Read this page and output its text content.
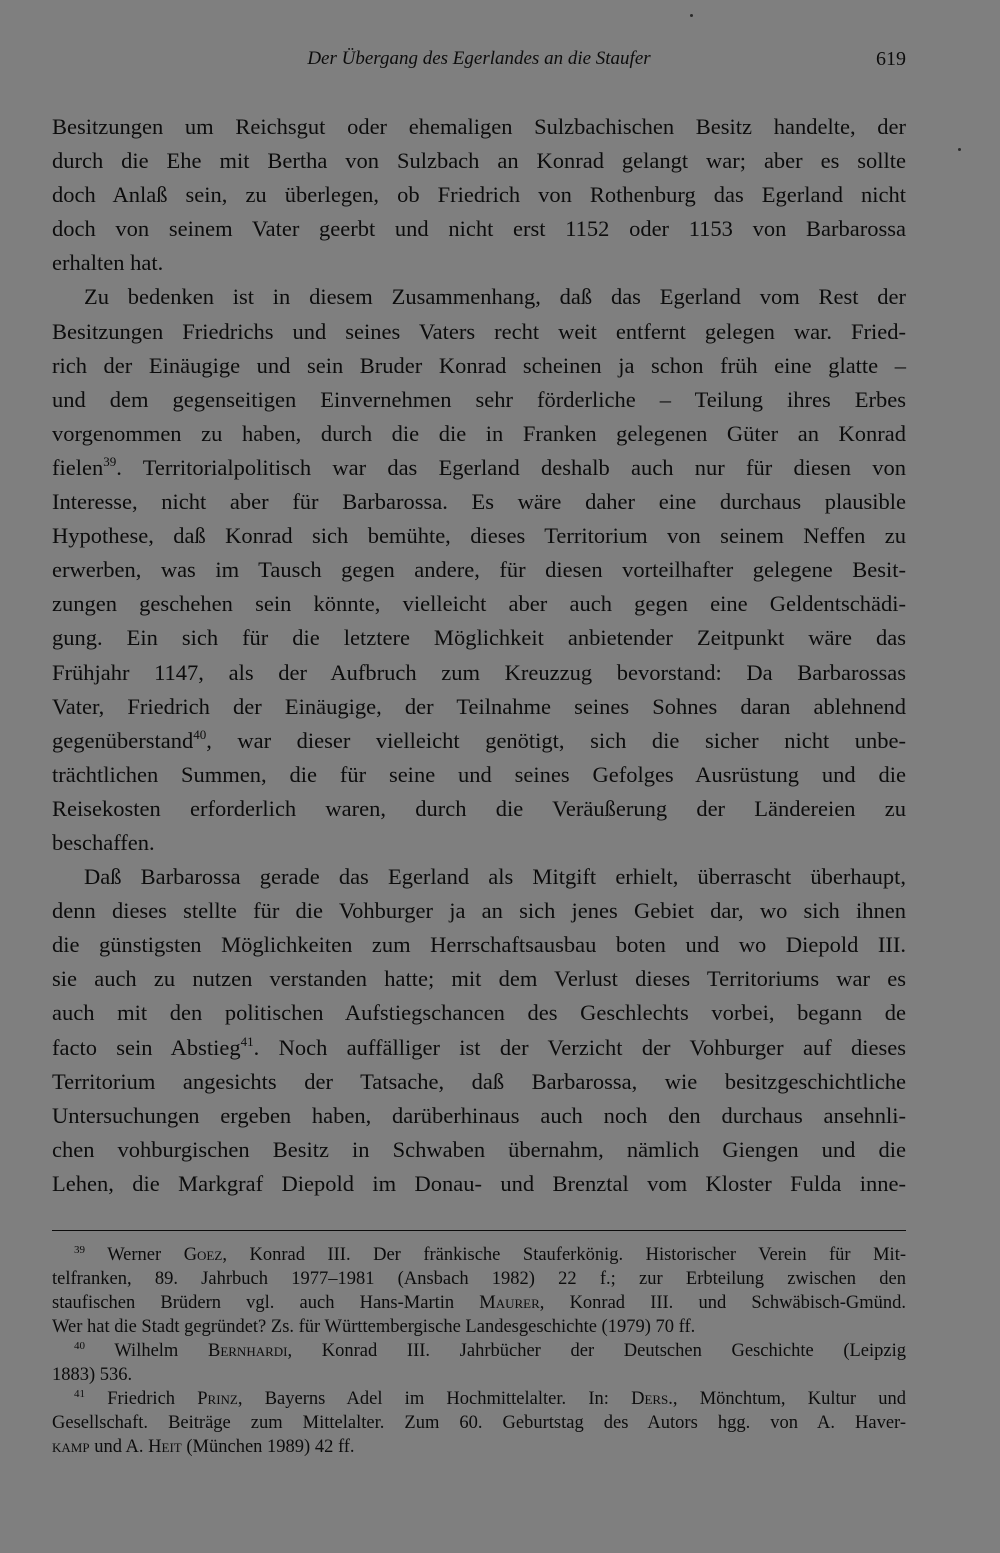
Der Übergang des Egerlandes an die Staufer	619
Besitzungen um Reichsgut oder ehemaligen Sulzbachischen Besitz handelte, der
durch die Ehe mit Bertha von Sulzbach an Konrad gelangt war; aber es sollte
doch Anlaß sein, zu überlegen, ob Friedrich von Rothenburg das Egerland nicht
doch von seinem Vater geerbt und nicht erst 1152 oder 1153 von Barbarossa
erhalten hat.
Zu bedenken ist in diesem Zusammenhang, daß das Egerland vom Rest der
Besitzungen Friedrichs und seines Vaters recht weit entfernt gelegen war. Fried-
rich der Einäugige und sein Bruder Konrad scheinen ja schon früh eine glatte –
und dem gegenseitigen Einvernehmen sehr förderliche – Teilung ihres Erbes
vorgenommen zu haben, durch die die in Franken gelegenen Güter an Konrad
fielen$^{39}$. Territorialpolitisch war das Egerland deshalb auch nur für diesen von
Interesse, nicht aber für Barbarossa. Es wäre daher eine durchaus plausible
Hypothese, daß Konrad sich bemühte, dieses Territorium von seinem Neffen zu
erwerben, was im Tausch gegen andere, für diesen vorteilhafter gelegene Besit-
zungen geschehen sein könnte, vielleicht aber auch gegen eine Geldentschädi-
gung. Ein sich für die letztere Möglichkeit anbietender Zeitpunkt wäre das
Frühjahr 1147, als der Aufbruch zum Kreuzzug bevorstand: Da Barbarossas
Vater, Friedrich der Einäugige, der Teilnahme seines Sohnes daran ablehnend
gegenüberstand$^{40}$, war dieser vielleicht genötigt, sich die sicher nicht unbe-
trächtlichen Summen, die für seine und seines Gefolges Ausrüstung und die
Reisekosten erforderlich waren, durch die Veräußerung der Ländereien zu
beschaffen.
Daß Barbarossa gerade das Egerland als Mitgift erhielt, überrascht überhaupt,
denn dieses stellte für die Vohburger ja an sich jenes Gebiet dar, wo sich ihnen
die günstigsten Möglichkeiten zum Herrschaftsausbau boten und wo Diepold III.
sie auch zu nutzen verstanden hatte; mit dem Verlust dieses Territoriums war es
auch mit den politischen Aufstiegschancen des Geschlechts vorbei, begann de
facto sein Abstieg$^{41}$. Noch auffälliger ist der Verzicht der Vohburger auf dieses
Territorium angesichts der Tatsache, daß Barbarossa, wie besitzgeschichtliche
Untersuchungen ergeben haben, darüberhinaus auch noch den durchaus ansehnli-
chen vohburgischen Besitz in Schwaben übernahm, nämlich Giengen und die
Lehen, die Markgraf Diepold im Donau- und Brenztal vom Kloster Fulda inne-
$^{39}$ Werner Goez, Konrad III. Der fränkische Stauferkönig. Historischer Verein für Mit-
telfranken, 89. Jahrbuch 1977–1981 (Ansbach 1982) 22 f.; zur Erbteilung zwischen den
staufischen Brüdern vgl. auch Hans-Martin Maurer, Konrad III. und Schwäbisch-Gmünd.
Wer hat die Stadt gegründet? Zs. für Württembergische Landesgeschichte (1979) 70 ff.
$^{40}$ Wilhelm Bernhardi, Konrad III. Jahrbücher der Deutschen Geschichte (Leipzig
1883) 536.
$^{41}$ Friedrich Prinz, Bayerns Adel im Hochmittelalter. In: Ders., Mönchtum, Kultur und
Gesellschaft. Beiträge zum Mittelalter. Zum 60. Geburtstag des Autors hgg. von A. Haver-
kamp und A. Heit (München 1989) 42 ff.
